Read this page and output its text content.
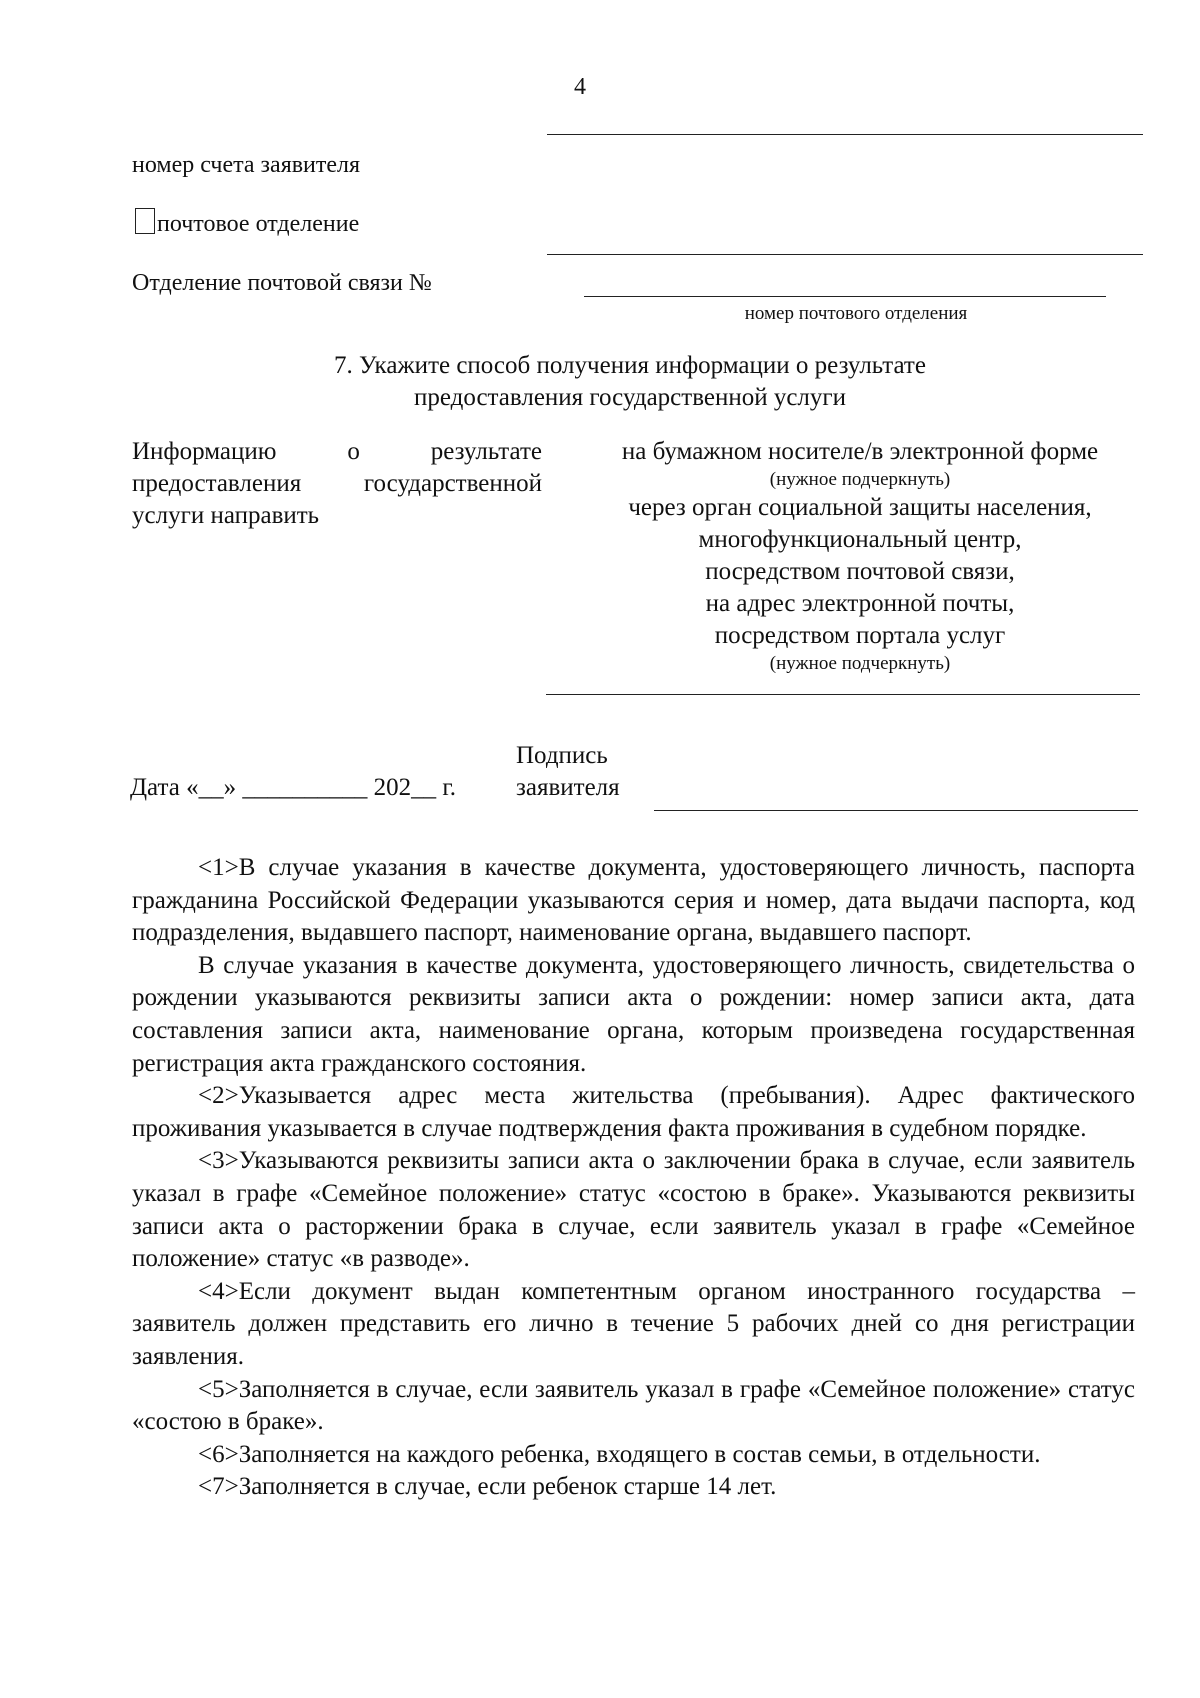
4
номер счета заявителя
почтовое отделение
Отделение почтовой связи №
номер почтового отделения
7. Укажите способ получения информации о результате
предоставления государственной услуги
Информацию о результате предоставления государственной услуги направить
на бумажном носителе/в электронной форме
(нужное подчеркнуть)
через орган социальной защиты населения,
многофункциональный центр,
посредством почтовой связи,
на адрес электронной почты,
посредством портала услуг
(нужное подчеркнуть)
Подпись
Дата «__» __________ 202__ г. заявителя

<1>В случае указания в качестве документа, удостоверяющего личность, паспорта гражданина Российской Федерации указываются серия и номер, дата выдачи паспорта, код подразделения, выдавшего паспорт, наименование органа, выдавшего паспорт.

В случае указания в качестве документа, удостоверяющего личность, свидетельства о рождении указываются реквизиты записи акта о рождении: номер записи акта, дата составления записи акта, наименование органа, которым произведена государственная регистрация акта гражданского состояния.

<2>Указывается адрес места жительства (пребывания). Адрес фактического проживания указывается в случае подтверждения факта проживания в судебном порядке.

<3>Указываются реквизиты записи акта о заключении брака в случае, если заявитель указал в графе «Семейное положение» статус «состою в браке». Указываются реквизиты записи акта о расторжении брака в случае, если заявитель указал в графе «Семейное положение» статус «в разводе».

<4>Если документ выдан компетентным органом иностранного государства – заявитель должен представить его лично в течение 5 рабочих дней со дня регистрации заявления.

<5>Заполняется в случае, если заявитель указал в графе «Семейное положение» статус «состою в браке».

<6>Заполняется на каждого ребенка, входящего в состав семьи, в отдельности.

<7>Заполняется в случае, если ребенок старше 14 лет.
